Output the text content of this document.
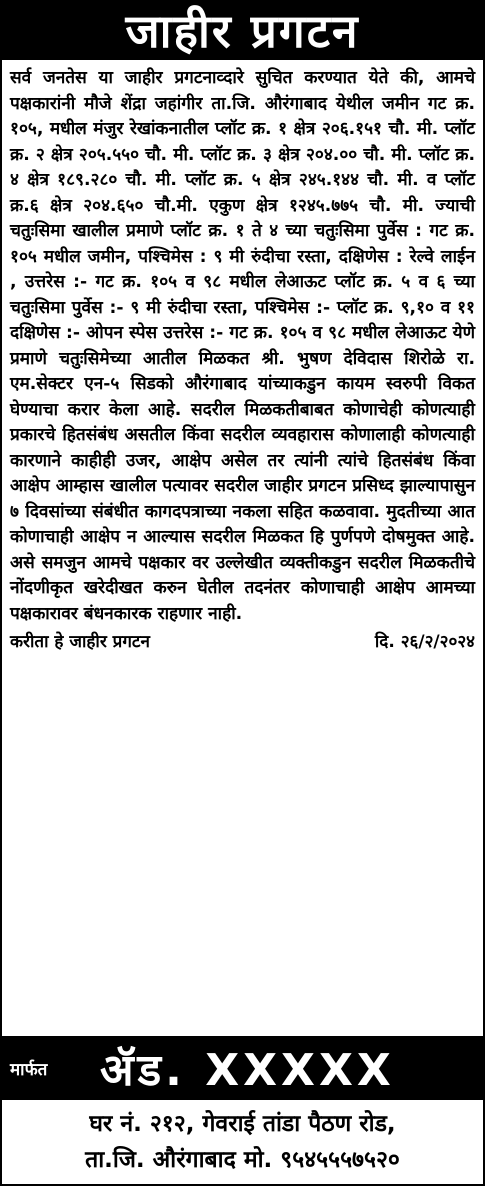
जाहीर प्रगटन

सर्व जनतेस या जाहीर प्रगटनाव्दारे सुचित करण्यात येते की, आमचे पक्षकारांनी मौजे शेंद्रा जहांगीर ता.जि. औरंगाबाद येथील जमीन गट क्र. १०५, मधील मंजुर रेखांकनातील प्लॉट क्र. १ क्षेत्र २०६.१५१ चौ. मी. प्लॉट क्र. २ क्षेत्र २०५.५५० चौ. मी. प्लॉट क्र. ३ क्षेत्र २०४.०० चौ. मी. प्लॉट क्र. ४ क्षेत्र १८९.२८० चौ. मी. प्लॉट क्र. ५ क्षेत्र २४५.१४४ चौ. मी. व प्लॉट क्र.६ क्षेत्र २०४.६५० चौ.मी. एकुण क्षेत्र १२४५.७७५ चौ. मी. ज्याची चतुःसिमा खालील प्रमाणे प्लॉट क्र. १ ते ४ च्या चतुःसिमा पुर्वेस : गट क्र. १०५ मधील जमीन, पश्चिमेस : ९ मी रुंदीचा रस्ता, दक्षिणेस : रेल्वे लाईन , उत्तरेस :- गट क्र. १०५ व ९८ मधील लेआऊट प्लॉट क्र. ५ व ६ च्या चतुःसिमा पुर्वेस :- ९ मी रुंदीचा रस्ता, पश्चिमेस :- प्लॉट क्र. ९,१० व ११ दक्षिणेस :- ओपन स्पेस उत्तरेस :- गट क्र. १०५ व ९८ मधील लेआऊट येणे प्रमाणे चतुःसिमेच्या आतील मिळकत श्री. भुषण देविदास शिरोळे रा. एम.सेक्टर एन-५ सिडको औरंगाबाद यांच्याकडुन कायम स्वरुपी विकत घेण्याचा करार केला आहे. सदरील मिळकतीबाबत कोणाचेही कोणत्याही प्रकारचे हितसंबंध असतील किंवा सदरील व्यवहारास कोणालाही कोणत्याही कारणाने काहीही उजर, आक्षेप असेल तर त्यांनी त्यांचे हितसंबंध किंवा आक्षेप आम्हास खालील पत्यावर सदरील जाहीर प्रगटन प्रसिध्द झाल्यापासुन ७ दिवसांच्या संबंधीत कागदपत्राच्या नकला सहित कळवावा. मुदतीच्या आत कोणाचाही आक्षेप न आल्यास सदरील मिळकत हि पुर्णपणे दोषमुक्त आहे. असे समजुन आमचे पक्षकार वर उल्लेखीत व्यक्तीकडुन सदरील मिळकतीचे नोंदणीकृत खरेदीखत करुन घेतील तदनंतर कोणाचाही आक्षेप आमच्या पक्षकारावर बंधनकारक राहणार नाही.

करीता हे जाहीर प्रगटन	दि. २६/२/२०२४
मार्फत	ॲड. XXXXX
घर नं. २१२, गेवराई तांडा पैठण रोड,
ता.जि. औरंगाबाद मो. ९५४५५५७५२०
